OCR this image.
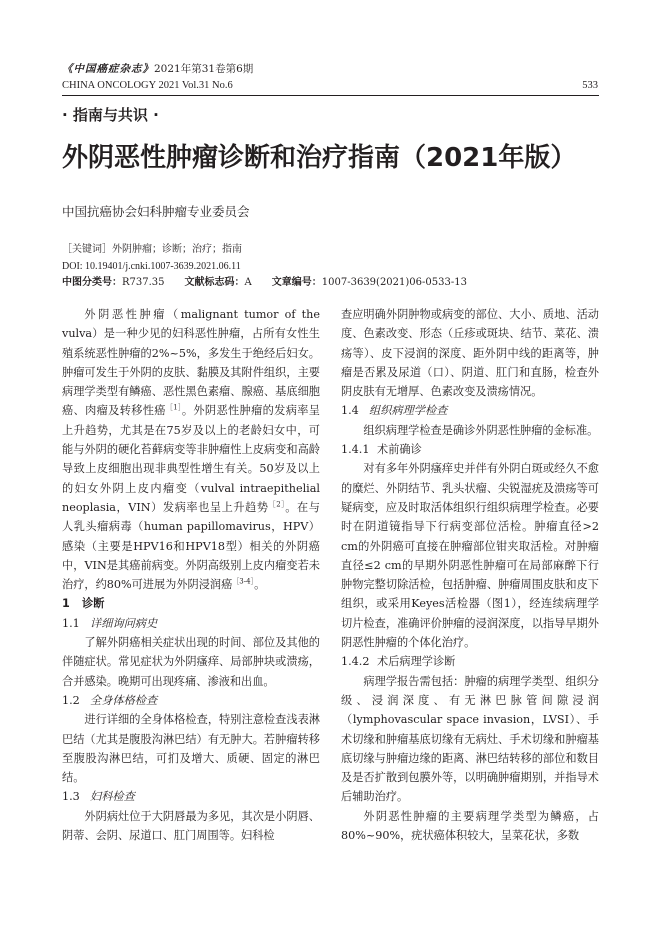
《中国癌症杂志》2021年第31卷第6期
CHINA ONCOLOGY 2021 Vol.31 No.6	533
· 指南与共识 ·
外阴恶性肿瘤诊断和治疗指南（2021年版）
中国抗癌协会妇科肿瘤专业委员会
［关键词］外阴肿瘤；诊断；治疗；指南
DOI: 10.19401/j.cnki.1007-3639.2021.06.11
中图分类号：R737.35 文献标志码：A 文章编号：1007-3639(2021)06-0533-13

外阴恶性肿瘤（malignant tumor of the vulva）是一种少见的妇科恶性肿瘤，占所有女性生殖系统恶性肿瘤的2%~5%，多发生于绝经后妇女。肿瘤可发生于外阴的皮肤、黏膜及其附件组织，主要病理学类型有鳞癌、恶性黑色素瘤、腺癌、基底细胞癌、肉瘤及转移性癌$^{[1]}$。外阴恶性肿瘤的发病率呈上升趋势，尤其是在75岁及以上的老龄妇女中，可能与外阴的硬化苔藓病变等非肿瘤性上皮病变和高龄导致上皮细胞出现非典型性增生有关。50岁及以上的妇女外阴上皮内瘤变（vulval intraepithelial neoplasia，VIN）发病率也呈上升趋势$^{[2]}$。在与人乳头瘤病毒（human papillomavirus，HPV）感染（主要是HPV16和HPV18型）相关的外阴癌中，VIN是其癌前病变。外阴高级别上皮内瘤变若未治疗，约80%可进展为外阴浸润癌$^{[3-4]}$。

1 诊断
1.1 详细询问病史

了解外阴癌相关症状出现的时间、部位及其他的伴随症状。常见症状为外阴瘙痒、局部肿块或溃疡，合并感染。晚期可出现疼痛、渗液和出血。

1.2 全身体格检查

进行详细的全身体格检查，特别注意检查浅表淋巴结（尤其是腹股沟淋巴结）有无肿大。若肿瘤转移至腹股沟淋巴结，可扪及增大、质硬、固定的淋巴结。

1.3 妇科检查

外阴病灶位于大阴唇最为多见，其次是小阴唇、阴蒂、会阴、尿道口、肛门周围等。妇科检

查应明确外阴肿物或病变的部位、大小、质地、活动度、色素改变、形态（丘疹或斑块、结节、菜花、溃疡等）、皮下浸润的深度、距外阴中线的距离等，肿瘤是否累及尿道（口）、阴道、肛门和直肠，检查外阴皮肤有无增厚、色素改变及溃疡情况。

1.4 组织病理学检查

组织病理学检查是确诊外阴恶性肿瘤的金标准。

1.4.1 术前确诊

对有多年外阴瘙痒史并伴有外阴白斑或经久不愈的糜烂、外阴结节、乳头状瘤、尖锐湿疣及溃疡等可疑病变，应及时取活体组织行组织病理学检查。必要时在阴道镜指导下行病变部位活检。肿瘤直径>2 cm的外阴癌可直接在肿瘤部位钳夹取活检。对肿瘤直径≤2 cm的早期外阴恶性肿瘤可在局部麻醉下行肿物完整切除活检，包括肿瘤、肿瘤周围皮肤和皮下组织，或采用Keyes活检器（图1），经连续病理学切片检查，准确评价肿瘤的浸润深度，以指导早期外阴恶性肿瘤的个体化治疗。

1.4.2 术后病理学诊断

病理学报告需包括：肿瘤的病理学类型、组织分级、浸润深度、有无淋巴脉管间隙浸润（lymphovascular space invasion，LVSI）、手术切缘和肿瘤基底切缘有无病灶、手术切缘和肿瘤基底切缘与肿瘤边缘的距离、淋巴结转移的部位和数目及是否扩散到包膜外等，以明确肿瘤期别，并指导术后辅助治疗。

外阴恶性肿瘤的主要病理学类型为鳞癌，占80%~90%，疣状癌体积较大，呈菜花状，多数
